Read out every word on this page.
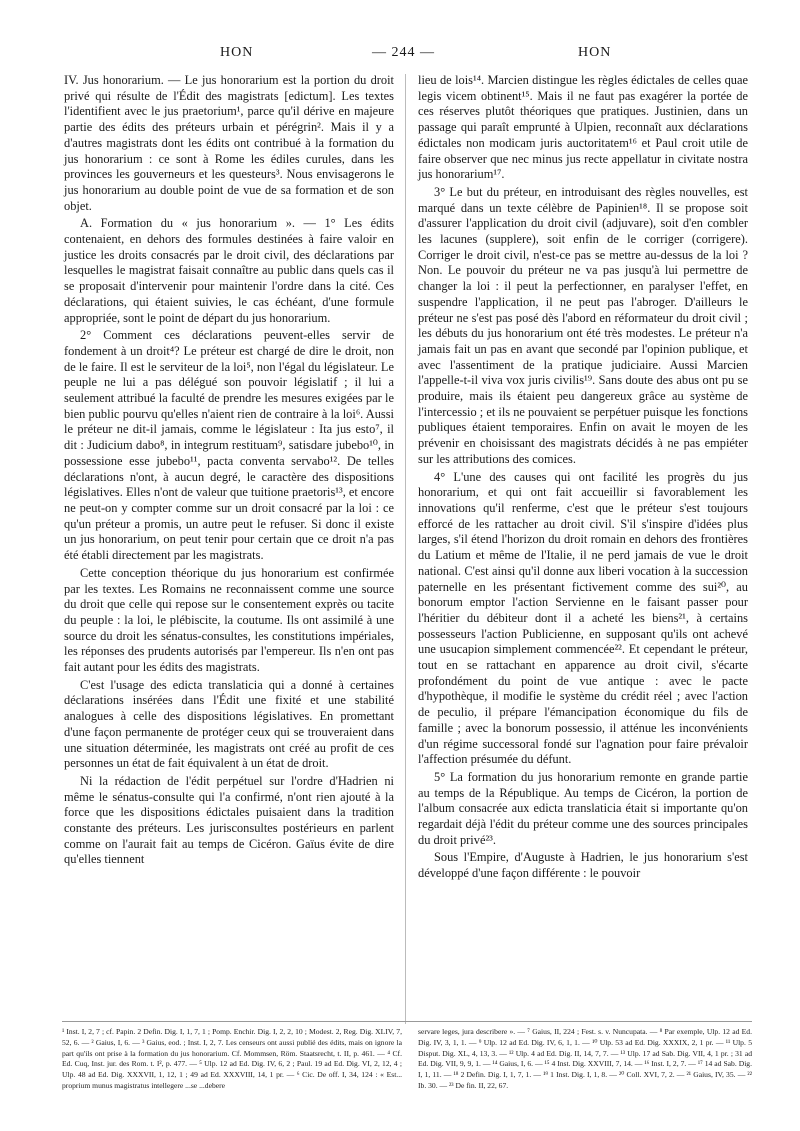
HON	— 244 —	HON

IV. Jus honorarium. — Le jus honorarium est la portion du droit privé qui résulte de l'Édit des magistrats [edictum]. Les textes l'identifient avec le jus praetorium¹, parce qu'il dérive en majeure partie des édits des préteurs urbain et pérégrin². Mais il y a d'autres magistrats dont les édits ont contribué à la formation du jus honorarium : ce sont à Rome les édiles curules, dans les provinces les gouverneurs et les questeurs³. Nous envisagerons le jus honorarium au double point de vue de sa formation et de son objet.

A. Formation du « jus honorarium ». — 1° Les édits contenaient, en dehors des formules destinées à faire valoir en justice les droits consacrés par le droit civil, des déclarations par lesquelles le magistrat faisait connaître au public dans quels cas il se proposait d'intervenir pour maintenir l'ordre dans la cité. Ces déclarations, qui étaient suivies, le cas échéant, d'une formule appropriée, sont le point de départ du jus honorarium.

2° Comment ces déclarations peuvent-elles servir de fondement à un droit⁴? Le préteur est chargé de dire le droit, non de le faire. Il est le serviteur de la loi⁵, non l'égal du législateur. Le peuple ne lui a pas délégué son pouvoir législatif ; il lui a seulement attribué la faculté de prendre les mesures exigées par le bien public pourvu qu'elles n'aient rien de contraire à la loi⁶. Aussi le préteur ne dit-il jamais, comme le législateur : Ita jus esto⁷, il dit : Judicium dabo⁸, in integrum restituam⁹, satisdare jubebo¹⁰, in possessione esse jubebo¹¹, pacta conventa servabo¹². De telles déclarations n'ont, à aucun degré, le caractère des dispositions législatives. Elles n'ont de valeur que tuitione praetoris¹³, et encore ne peut-on y compter comme sur un droit consacré par la loi : ce qu'un préteur a promis, un autre peut le refuser. Si donc il existe un jus honorarium, on peut tenir pour certain que ce droit n'a pas été établi directement par les magistrats.

Cette conception théorique du jus honorarium est confirmée par les textes. Les Romains ne reconnaissent comme une source du droit que celle qui repose sur le consentement exprès ou tacite du peuple : la loi, le plébiscite, la coutume. Ils ont assimilé à une source du droit les sénatus-consultes, les constitutions impériales, les réponses des prudents autorisés par l'empereur. Ils n'en ont pas fait autant pour les édits des magistrats.

C'est l'usage des edicta translaticia qui a donné à certaines déclarations insérées dans l'Édit une fixité et une stabilité analogues à celle des dispositions législatives. En promettant d'une façon permanente de protéger ceux qui se trouveraient dans une situation déterminée, les magistrats ont créé au profit de ces personnes un état de fait équivalent à un état de droit.

Ni la rédaction de l'édit perpétuel sur l'ordre d'Hadrien ni même le sénatus-consulte qui l'a confirmé, n'ont rien ajouté à la force que les dispositions édictales puisaient dans la tradition constante des préteurs. Les jurisconsultes postérieurs en parlent comme on l'aurait fait au temps de Cicéron. Gaïus évite de dire qu'elles tiennent

lieu de lois¹⁴. Marcien distingue les règles édictales de celles quae legis vicem obtinent¹⁵. Mais il ne faut pas exagérer la portée de ces réserves plutôt théoriques que pratiques. Justinien, dans un passage qui paraît emprunté à Ulpien, reconnaît aux déclarations édictales non modicam juris auctoritatem¹⁶ et Paul croit utile de faire observer que nec minus jus recte appellatur in civitate nostra jus honorarium¹⁷.

3° Le but du préteur, en introduisant des règles nouvelles, est marqué dans un texte célèbre de Papinien¹⁸. Il se propose soit d'assurer l'application du droit civil (adjuvare), soit d'en combler les lacunes (supplere), soit enfin de le corriger (corrigere). Corriger le droit civil, n'est-ce pas se mettre au-dessus de la loi ? Non. Le pouvoir du préteur ne va pas jusqu'à lui permettre de changer la loi : il peut la perfectionner, en paralyser l'effet, en suspendre l'application, il ne peut pas l'abroger. D'ailleurs le préteur ne s'est pas posé dès l'abord en réformateur du droit civil ; les débuts du jus honorarium ont été très modestes. Le préteur n'a jamais fait un pas en avant que secondé par l'opinion publique, et avec l'assentiment de la pratique judiciaire. Aussi Marcien l'appelle-t-il viva vox juris civilis¹⁹. Sans doute des abus ont pu se produire, mais ils étaient peu dangereux grâce au système de l'intercessio ; et ils ne pouvaient se perpétuer puisque les fonctions publiques étaient temporaires. Enfin on avait le moyen de les prévenir en choisissant des magistrats décidés à ne pas empiéter sur les attributions des comices.

4° L'une des causes qui ont facilité les progrès du jus honorarium, et qui ont fait accueillir si favorablement les innovations qu'il renferme, c'est que le préteur s'est toujours efforcé de les rattacher au droit civil. S'il s'inspire d'idées plus larges, s'il étend l'horizon du droit romain en dehors des frontières du Latium et même de l'Italie, il ne perd jamais de vue le droit national. C'est ainsi qu'il donne aux liberi vocation à la succession paternelle en les présentant fictivement comme des sui²⁰, au bonorum emptor l'action Servienne en le faisant passer pour l'héritier du débiteur dont il a acheté les biens²¹, à certains possesseurs l'action Publicienne, en supposant qu'ils ont achevé une usucapion simplement commencée²². Et cependant le préteur, tout en se rattachant en apparence au droit civil, s'écarte profondément du point de vue antique : avec le pacte d'hypothèque, il modifie le système du crédit réel ; avec l'action de peculio, il prépare l'émancipation économique du fils de famille ; avec la bonorum possessio, il atténue les inconvénients d'un régime successoral fondé sur l'agnation pour faire prévaloir l'affection présumée du défunt.

5° La formation du jus honorarium remonte en grande partie au temps de la République. Au temps de Cicéron, la portion de l'album consacrée aux edicta translaticia était si importante qu'on regardait déjà l'édit du préteur comme une des sources principales du droit privé²³.

Sous l'Empire, d'Auguste à Hadrien, le jus honorarium s'est développé d'une façon différente : le pouvoir

¹ Inst. I, 2, 7 ; cf. Papin. 2 Defin. Dig. I, 1, 7, 1 ; Pomp. Enchir. Dig. I, 2, 2, 10 ; Modest. 2, Reg. Dig. XLIV, 7, 52, 6. — ² Gaius, I, 6. — ³ Gaius, eod. ; Inst. I, 2, 7. Les censeurs ont aussi publié des édits, mais on ignore la part qu'ils ont prise à la formation du jus honorarium. Cf. Mommsen, Röm. Staatsrecht, t. II, p. 461. — ⁴ Cf. Ed. Cuq, Inst. jur. des Rom. t. I², p. 477. — ⁵ Ulp. 12 ad Ed. Dig. IV, 6, 2 ; Paul. 19 ad Ed. Dig. VI, 2, 12, 4 ; Ulp. 48 ad Ed. Dig. XXXVII, 1, 12, 1 ; 49 ad Ed. XXXVIII, 14, 1 pr. — ⁶ Cic. De off. I, 34, 124 : « Est... proprium munus magistratus intellegere ...se ...debere
servare leges, jura describere ». — ⁷ Gaius, II, 224 ; Fest. s. v. Nuncupata. — ⁸ Par exemple, Ulp. 12 ad Ed. Dig. IV, 3, 1, 1. — ⁹ Ulp. 12 ad Ed. Dig. IV, 6, 1, 1. — ¹⁰ Ulp. 53 ad Ed. Dig. XXXIX, 2, 1 pr. — ¹¹ Ulp. 5 Disput. Dig. XL, 4, 13, 3. — ¹² Ulp. 4 ad Ed. Dig. II, 14, 7, 7. — ¹³ Ulp. 17 ad Sab. Dig. VII, 4, 1 pr. ; 31 ad Ed. Dig. VII, 9, 9, 1. — ¹⁴ Gaius, I, 6. — ¹⁵ 4 Inst. Dig. XXVIII, 7, 14. — ¹⁶ Inst. I, 2, 7. — ¹⁷ 14 ad Sab. Dig. I, 1, 11. — ¹⁸ 2 Defin. Dig. I, 1, 7, 1. — ¹⁹ 1 Inst. Dig. I, 1, 8. — ²⁰ Coll. XVI, 7, 2. — ²¹ Gaius, IV, 35. — ²² Ib. 30. — ²³ De fin. II, 22, 67.
